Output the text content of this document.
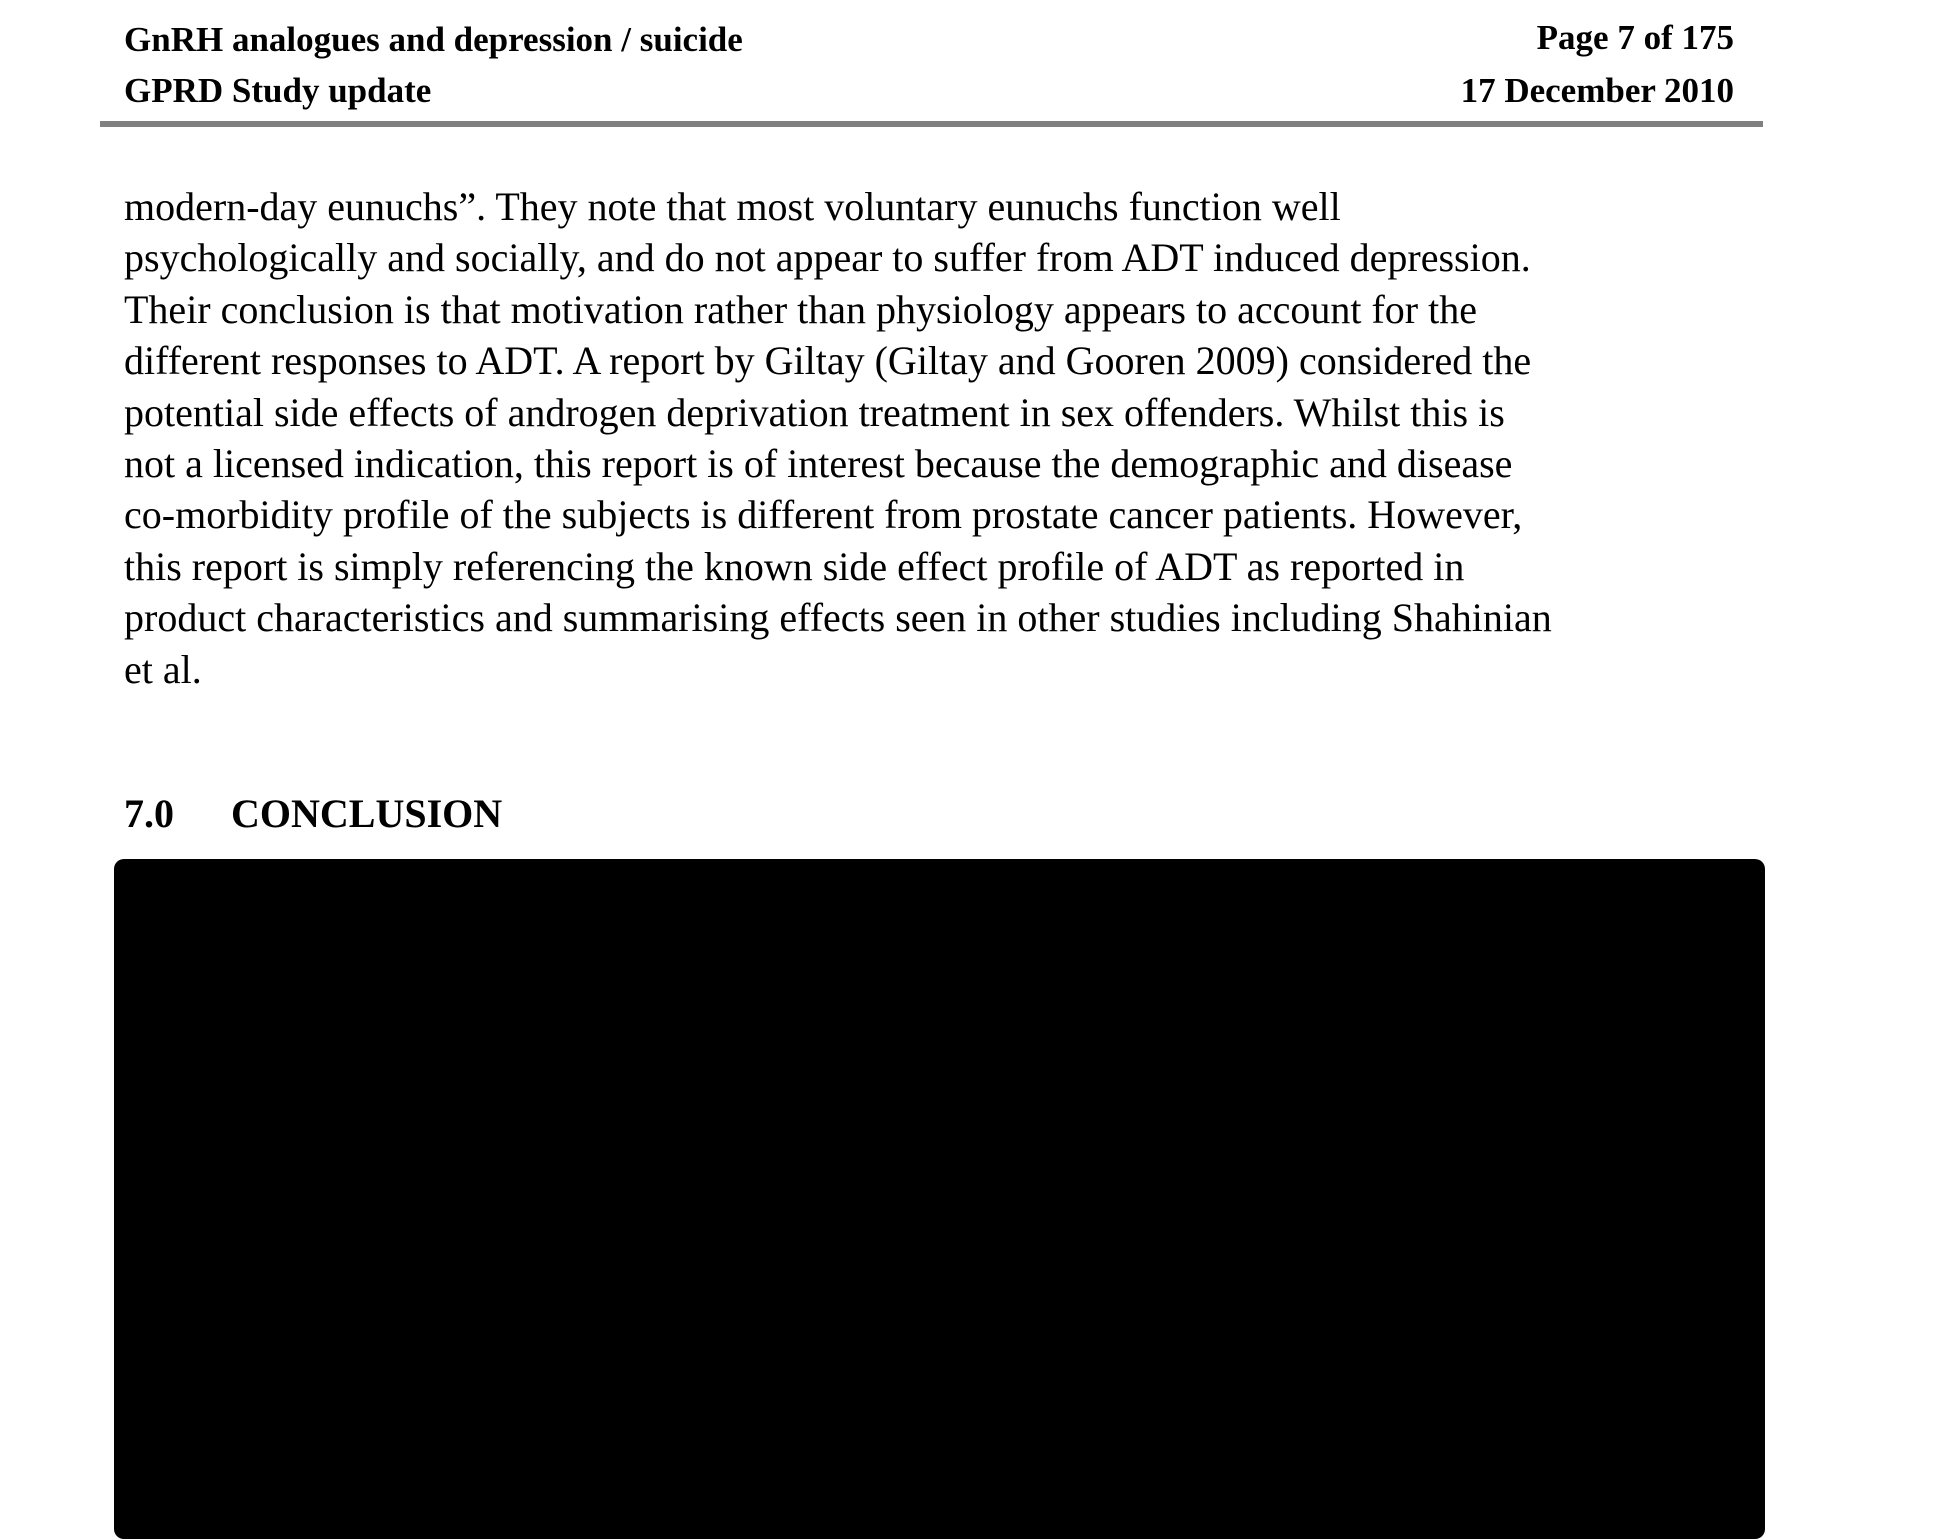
GnRH analogues and depression / suicide
GPRD Study update
Page 7 of 175
17 December 2010
modern-day eunuchs”. They note that most voluntary eunuchs function well
psychologically and socially, and do not appear to suffer from ADT induced depression.
Their conclusion is that motivation rather than physiology appears to account for the
different responses to ADT. A report by Giltay (Giltay and Gooren 2009) considered the
potential side effects of androgen deprivation treatment in sex offenders. Whilst this is
not a licensed indication, this report is of interest because the demographic and disease
co-morbidity profile of the subjects is different from prostate cancer patients. However,
this report is simply referencing the known side effect profile of ADT as reported in
product characteristics and summarising effects seen in other studies including Shahinian
et al.
7.0 CONCLUSION
